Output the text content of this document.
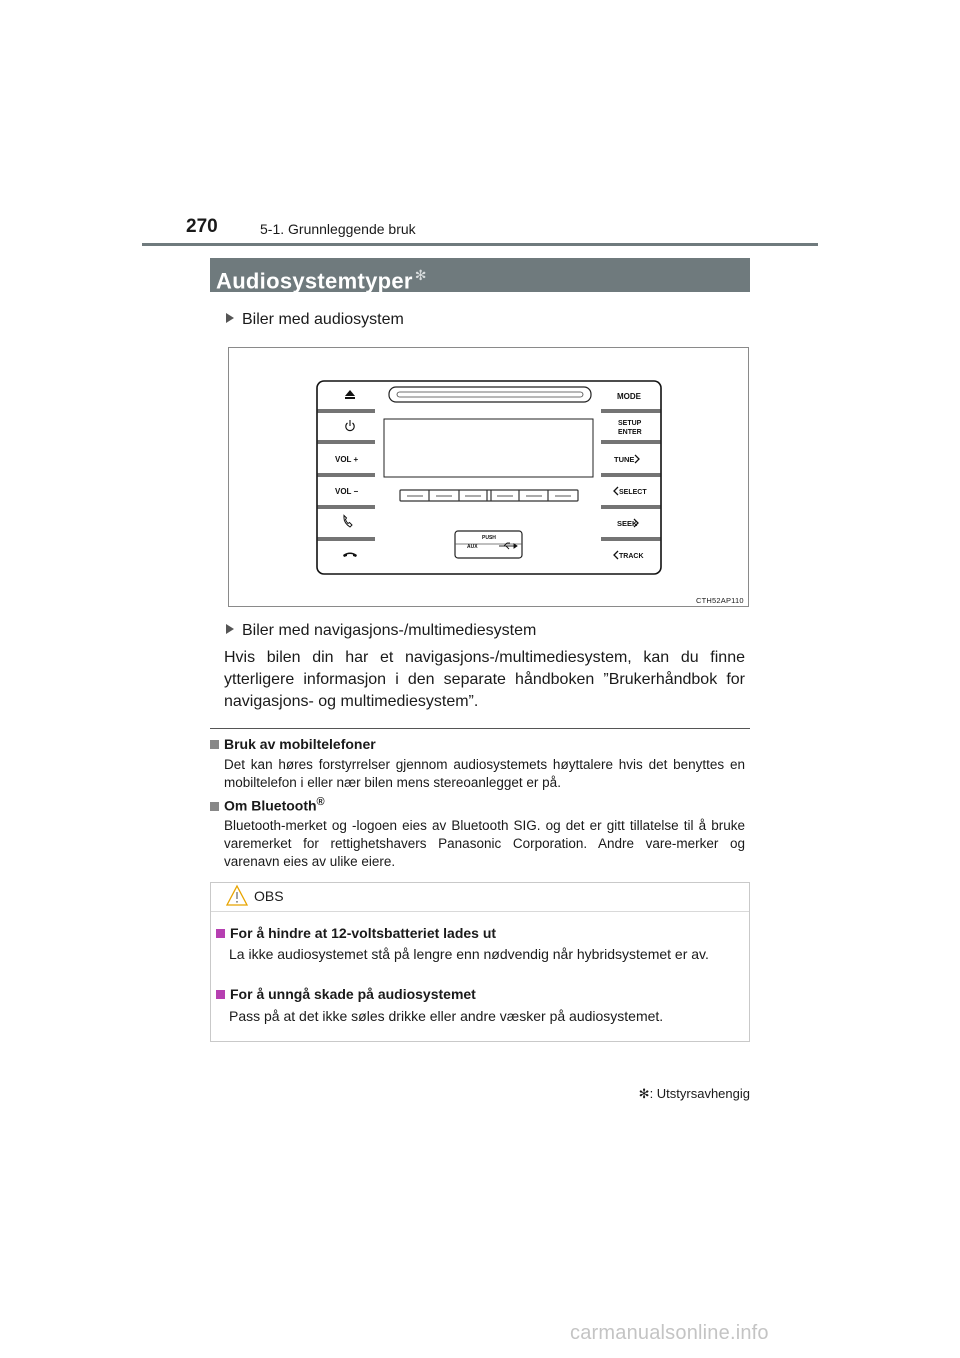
270	5-1. Grunnleggende bruk
Audiosystemtyper ✻
Biler med audiosystem
VOL +
VOL −
MODE
SETUP
ENTER
TUNE
SELECT
SEEK
TRACK
PUSH
AUX
CTH52AP110
Biler med navigasjons-/multimediesystem
Hvis bilen din har et navigasjons-/multimediesystem, kan du finne ytterligere informasjon i den separate håndboken ”Brukerhåndbok for navigasjons- og multimediesystem”.
Bruk av mobiltelefoner
Det kan høres forstyrrelser gjennom audiosystemets høyttalere hvis det benyttes en mobiltelefon i eller nær bilen mens stereoanlegget er på.
Om Bluetooth®
Bluetooth-merket og -logoen eies av Bluetooth SIG. og det er gitt tillatelse til å bruke varemerket for rettighetshavers Panasonic Corporation. Andre vare-merker og varenavn eies av ulike eiere.
OBS
For å hindre at 12-voltsbatteriet lades ut
La ikke audiosystemet stå på lengre enn nødvendig når hybridsystemet er av.
For å unngå skade på audiosystemet
Pass på at det ikke søles drikke eller andre væsker på audiosystemet.
✻: Utstyrsavhengig
carmanualsonline.info
